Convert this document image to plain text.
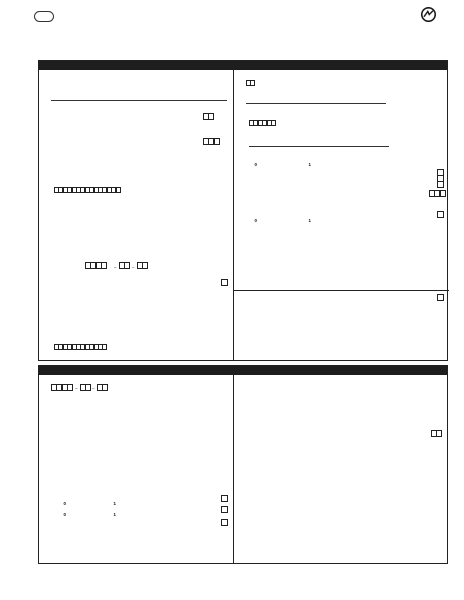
–	–
0	1
0	1
–	–
0	1
0	1
